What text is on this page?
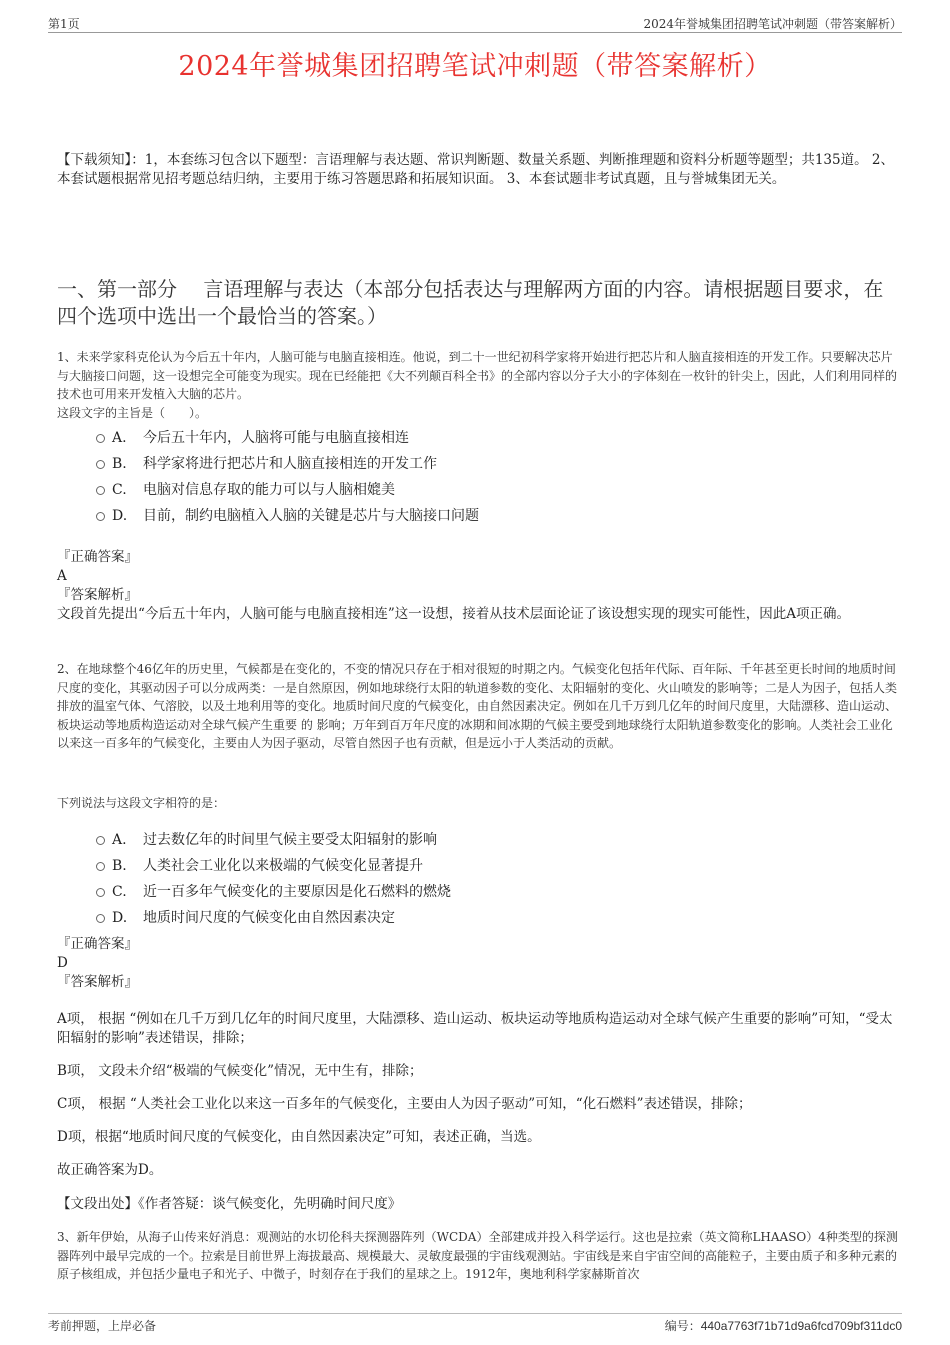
第1页	2024年誉城集团招聘笔试冲刺题（带答案解析）
2024年誉城集团招聘笔试冲刺题（带答案解析）
【下载须知】：1，本套练习包含以下题型：言语理解与表达题、常识判断题、数量关系题、判断推理题和资料分析题等题型；共135道。 2、本套试题根据常见招考题总结归纳，主要用于练习答题思路和拓展知识面。 3、本套试题非考试真题，且与誉城集团无关。
一、第一部分　 言语理解与表达（本部分包括表达与理解两方面的内容。请根据题目要求，在四个选项中选出一个最恰当的答案。）
1、未来学家科克伦认为今后五十年内，人脑可能与电脑直接相连。他说，到二十一世纪初科学家将开始进行把芯片和人脑直接相连的开发工作。只要解决芯片与大脑接口问题，这一设想完全可能变为现实。现在已经能把《大不列颠百科全书》的全部内容以分子大小的字体刻在一枚针的针尖上，因此，人们利用同样的技术也可用来开发植入大脑的芯片。
这段文字的主旨是（　　）。
A. 今后五十年内，人脑将可能与电脑直接相连
B. 科学家将进行把芯片和人脑直接相连的开发工作
C. 电脑对信息存取的能力可以与人脑相媲美
D. 目前，制约电脑植入人脑的关键是芯片与大脑接口问题
『正确答案』
A
『答案解析』
文段首先提出“今后五十年内，人脑可能与电脑直接相连”这一设想，接着从技术层面论证了该设想实现的现实可能性，因此A项正确。
2、在地球整个46亿年的历史里，气候都是在变化的，不变的情况只存在于相对很短的时期之内。气候变化包括年代际、百年际、千年甚至更长时间的地质时间尺度的变化，其驱动因子可以分成两类：一是自然原因，例如地球绕行太阳的轨道参数的变化、太阳辐射的变化、火山喷发的影响等；二是人为因子，包括人类排放的温室气体、气溶胶，以及土地利用等的变化。地质时间尺度的气候变化，由自然因素决定。例如在几千万到几亿年的时间尺度里，大陆漂移、造山运动、板块运动等地质构造运动对全球气候产生重要 的 影响；万年到百万年尺度的冰期和间冰期的气候主要受到地球绕行太阳轨道参数变化的影响。人类社会工业化以来这一百多年的气候变化，主要由人为因子驱动，尽管自然因子也有贡献，但是远小于人类活动的贡献。
下列说法与这段文字相符的是：
A. 过去数亿年的时间里气候主要受太阳辐射的影响
B. 人类社会工业化以来极端的气候变化显著提升
C. 近一百多年气候变化的主要原因是化石燃料的燃烧
D. 地质时间尺度的气候变化由自然因素决定
『正确答案』
D
『答案解析』
A项， 根据 “例如在几千万到几亿年的时间尺度里，大陆漂移、造山运动、板块运动等地质构造运动对全球气候产生重要的影响”可知，“受太阳辐射的影响”表述错误，排除；
B项， 文段未介绍“极端的气候变化”情况，无中生有，排除；
C项， 根据 “人类社会工业化以来这一百多年的气候变化，主要由人为因子驱动”可知，“化石燃料”表述错误，排除；
D项，根据“地质时间尺度的气候变化，由自然因素决定”可知，表述正确，当选。
故正确答案为D。
【文段出处】《作者答疑：谈气候变化，先明确时间尺度》
3、新年伊始，从海子山传来好消息：观测站的水切伦科夫探测器阵列（WCDA）全部建成并投入科学运行。这也是拉索（英文简称LHAASO）4种类型的探测器阵列中最早完成的一个。拉索是目前世界上海拔最高、规模最大、灵敏度最强的宇宙线观测站。宇宙线是来自宇宙空间的高能粒子，主要由质子和多种元素的原子核组成，并包括少量电子和光子、中微子，时刻存在于我们的星球之上。1912年，奥地利科学家赫斯首次
考前押题，上岸必备	编号：440a7763f71b71d9a6fcd709bf311dc0
